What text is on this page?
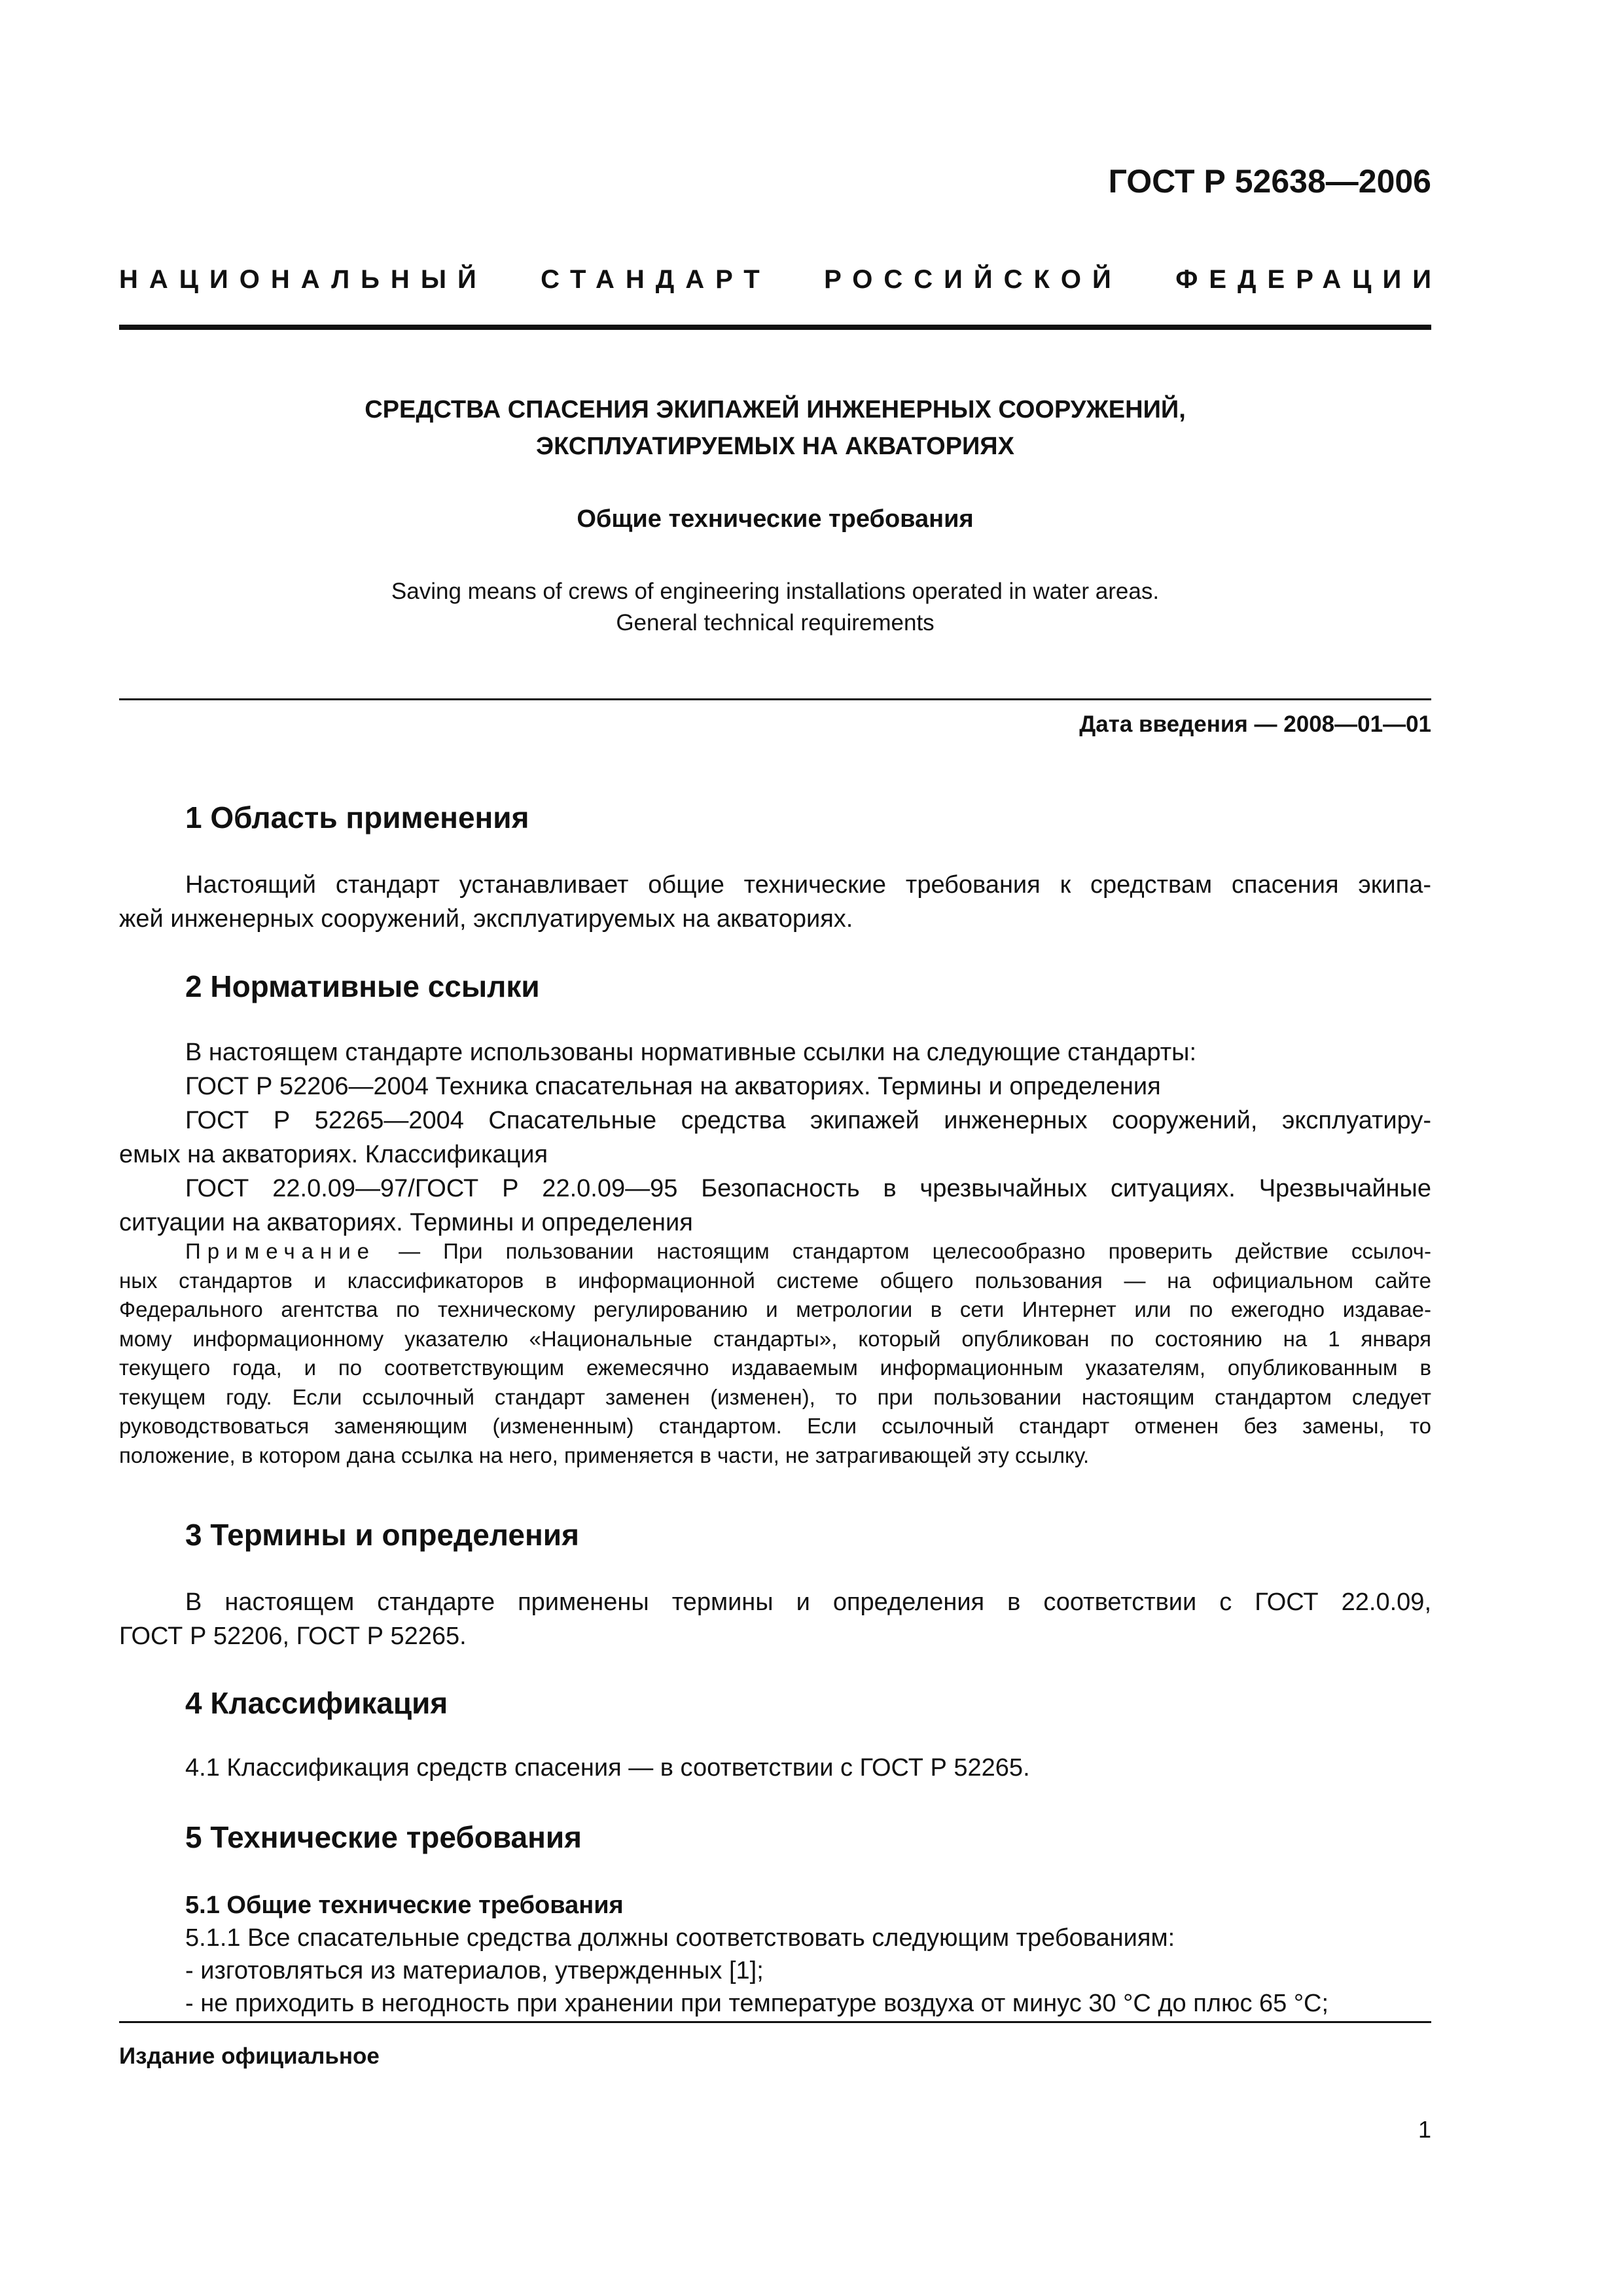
ГОСТ Р 52638—2006
НАЦИОНАЛЬНЫЙ СТАНДАРТ РОССИЙСКОЙ ФЕДЕРАЦИИ
СРЕДСТВА СПАСЕНИЯ ЭКИПАЖЕЙ ИНЖЕНЕРНЫХ СООРУЖЕНИЙ,
ЭКСПЛУАТИРУЕМЫХ НА АКВАТОРИЯХ
Общие технические требования
Saving means of crews of engineering installations operated in water areas.
General technical requirements
Дата введения — 2008—01—01
1 Область применения
Настоящий стандарт устанавливает общие технические требования к средствам спасения экипа-
жей инженерных сооружений, эксплуатируемых на акваториях.
2 Нормативные ссылки
В настоящем стандарте использованы нормативные ссылки на следующие стандарты:
ГОСТ Р 52206—2004 Техника спасательная на акваториях. Термины и определения
ГОСТ Р 52265—2004 Спасательные средства экипажей инженерных сооружений, эксплуатиру-
емых на акваториях. Классификация
ГОСТ 22.0.09—97/ГОСТ Р 22.0.09—95 Безопасность в чрезвычайных ситуациях. Чрезвычайные
ситуации на акваториях. Термины и определения
Примечание — При пользовании настоящим стандартом целесообразно проверить действие ссылоч-
ных стандартов и классификаторов в информационной системе общего пользования — на официальном сайте
Федерального агентства по техническому регулированию и метрологии в сети Интернет или по ежегодно издавае-
мому информационному указателю «Национальные стандарты», который опубликован по состоянию на 1 января
текущего года, и по соответствующим ежемесячно издаваемым информационным указателям, опубликованным в
текущем году. Если ссылочный стандарт заменен (изменен), то при пользовании настоящим стандартом следует
руководствоваться заменяющим (измененным) стандартом. Если ссылочный стандарт отменен без замены, то
положение, в котором дана ссылка на него, применяется в части, не затрагивающей эту ссылку.
3 Термины и определения
В настоящем стандарте применены термины и определения в соответствии с ГОСТ 22.0.09,
ГОСТ Р 52206, ГОСТ Р 52265.
4 Классификация
4.1 Классификация средств спасения — в соответствии с ГОСТ Р 52265.
5 Технические требования
5.1 Общие технические требования
5.1.1 Все спасательные средства должны соответствовать следующим требованиям:
- изготовляться из материалов, утвержденных [1];
- не приходить в негодность при хранении при температуре воздуха от минус 30 °С до плюс 65 °С;
Издание официальное
1
